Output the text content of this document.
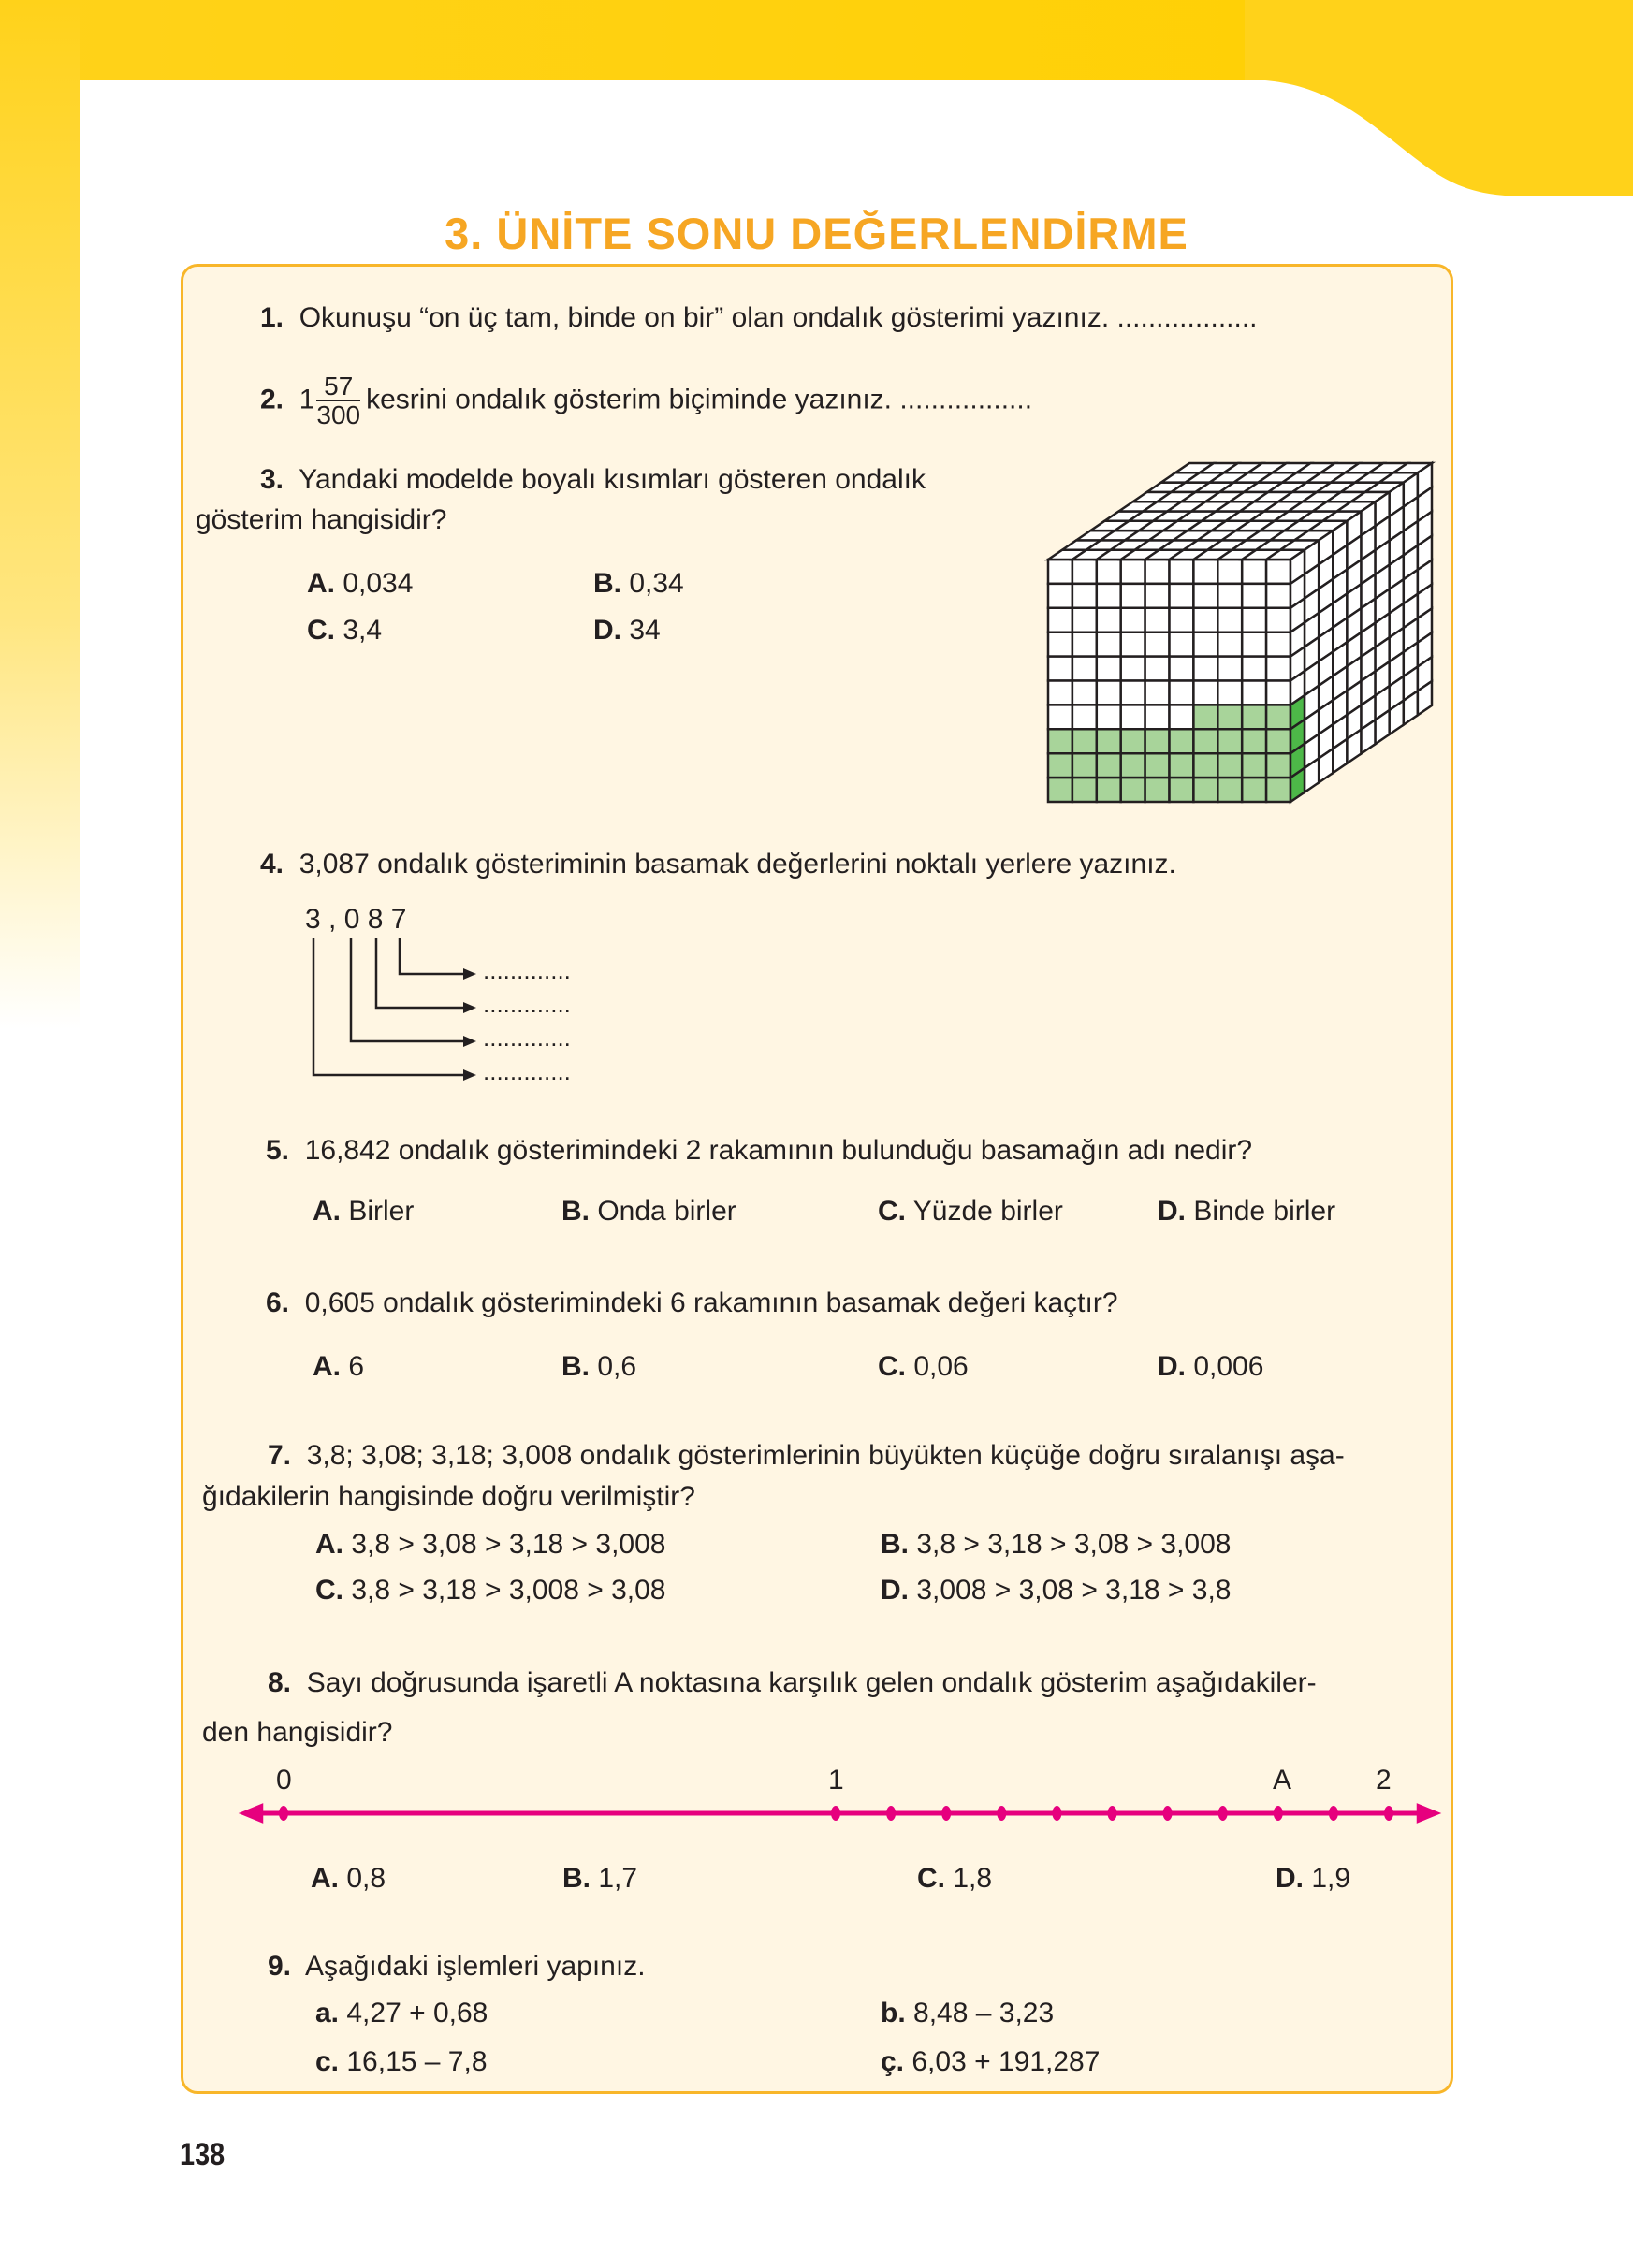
3. ÜNİTE SONU DEĞERLENDİRME
1. Okunuşu “on üç tam, binde on bir” olan ondalık gösterimi yazınız. ..................
2. $1 \frac{57}{300}$ kesrini ondalık gösterim biçiminde yazınız. .................
3. Yandaki modelde boyalı kısımları gösteren ondalık
gösterim hangisidir?
A. 0,034	B. 0,34
C. 3,4	D. 34
4. 3,087 ondalık gösteriminin basamak değerlerini noktalı yerlere yazınız.
3 , 0 8 7
.............
.............
.............
.............
5. 16,842 ondalık gösterimindeki 2 rakamının bulunduğu basamağın adı nedir?
A. Birler	B. Onda birler	C. Yüzde birler	D. Binde birler
6. 0,605 ondalık gösterimindeki 6 rakamının basamak değeri kaçtır?
A. 6	B. 0,6	C. 0,06	D. 0,006
7. 3,8; 3,08; 3,18; 3,008 ondalık gösterimlerinin büyükten küçüğe doğru sıralanışı aşa-
ğıdakilerin hangisinde doğru verilmiştir?
A. 3,8 > 3,08 > 3,18 > 3,008	B. 3,8 > 3,18 > 3,08 > 3,008
C. 3,8 > 3,18 > 3,008 > 3,08	D. 3,008 > 3,08 > 3,18 > 3,8
8. Sayı doğrusunda işaretli A noktasına karşılık gelen ondalık gösterim aşağıdakiler-
den hangisidir?
0	1	A	2
A. 0,8	B. 1,7	C. 1,8	D. 1,9
9. Aşağıdaki işlemleri yapınız.
a. 4,27 + 0,68	b. 8,48 – 3,23
c. 16,15 – 7,8	ç. 6,03 + 191,287
138
